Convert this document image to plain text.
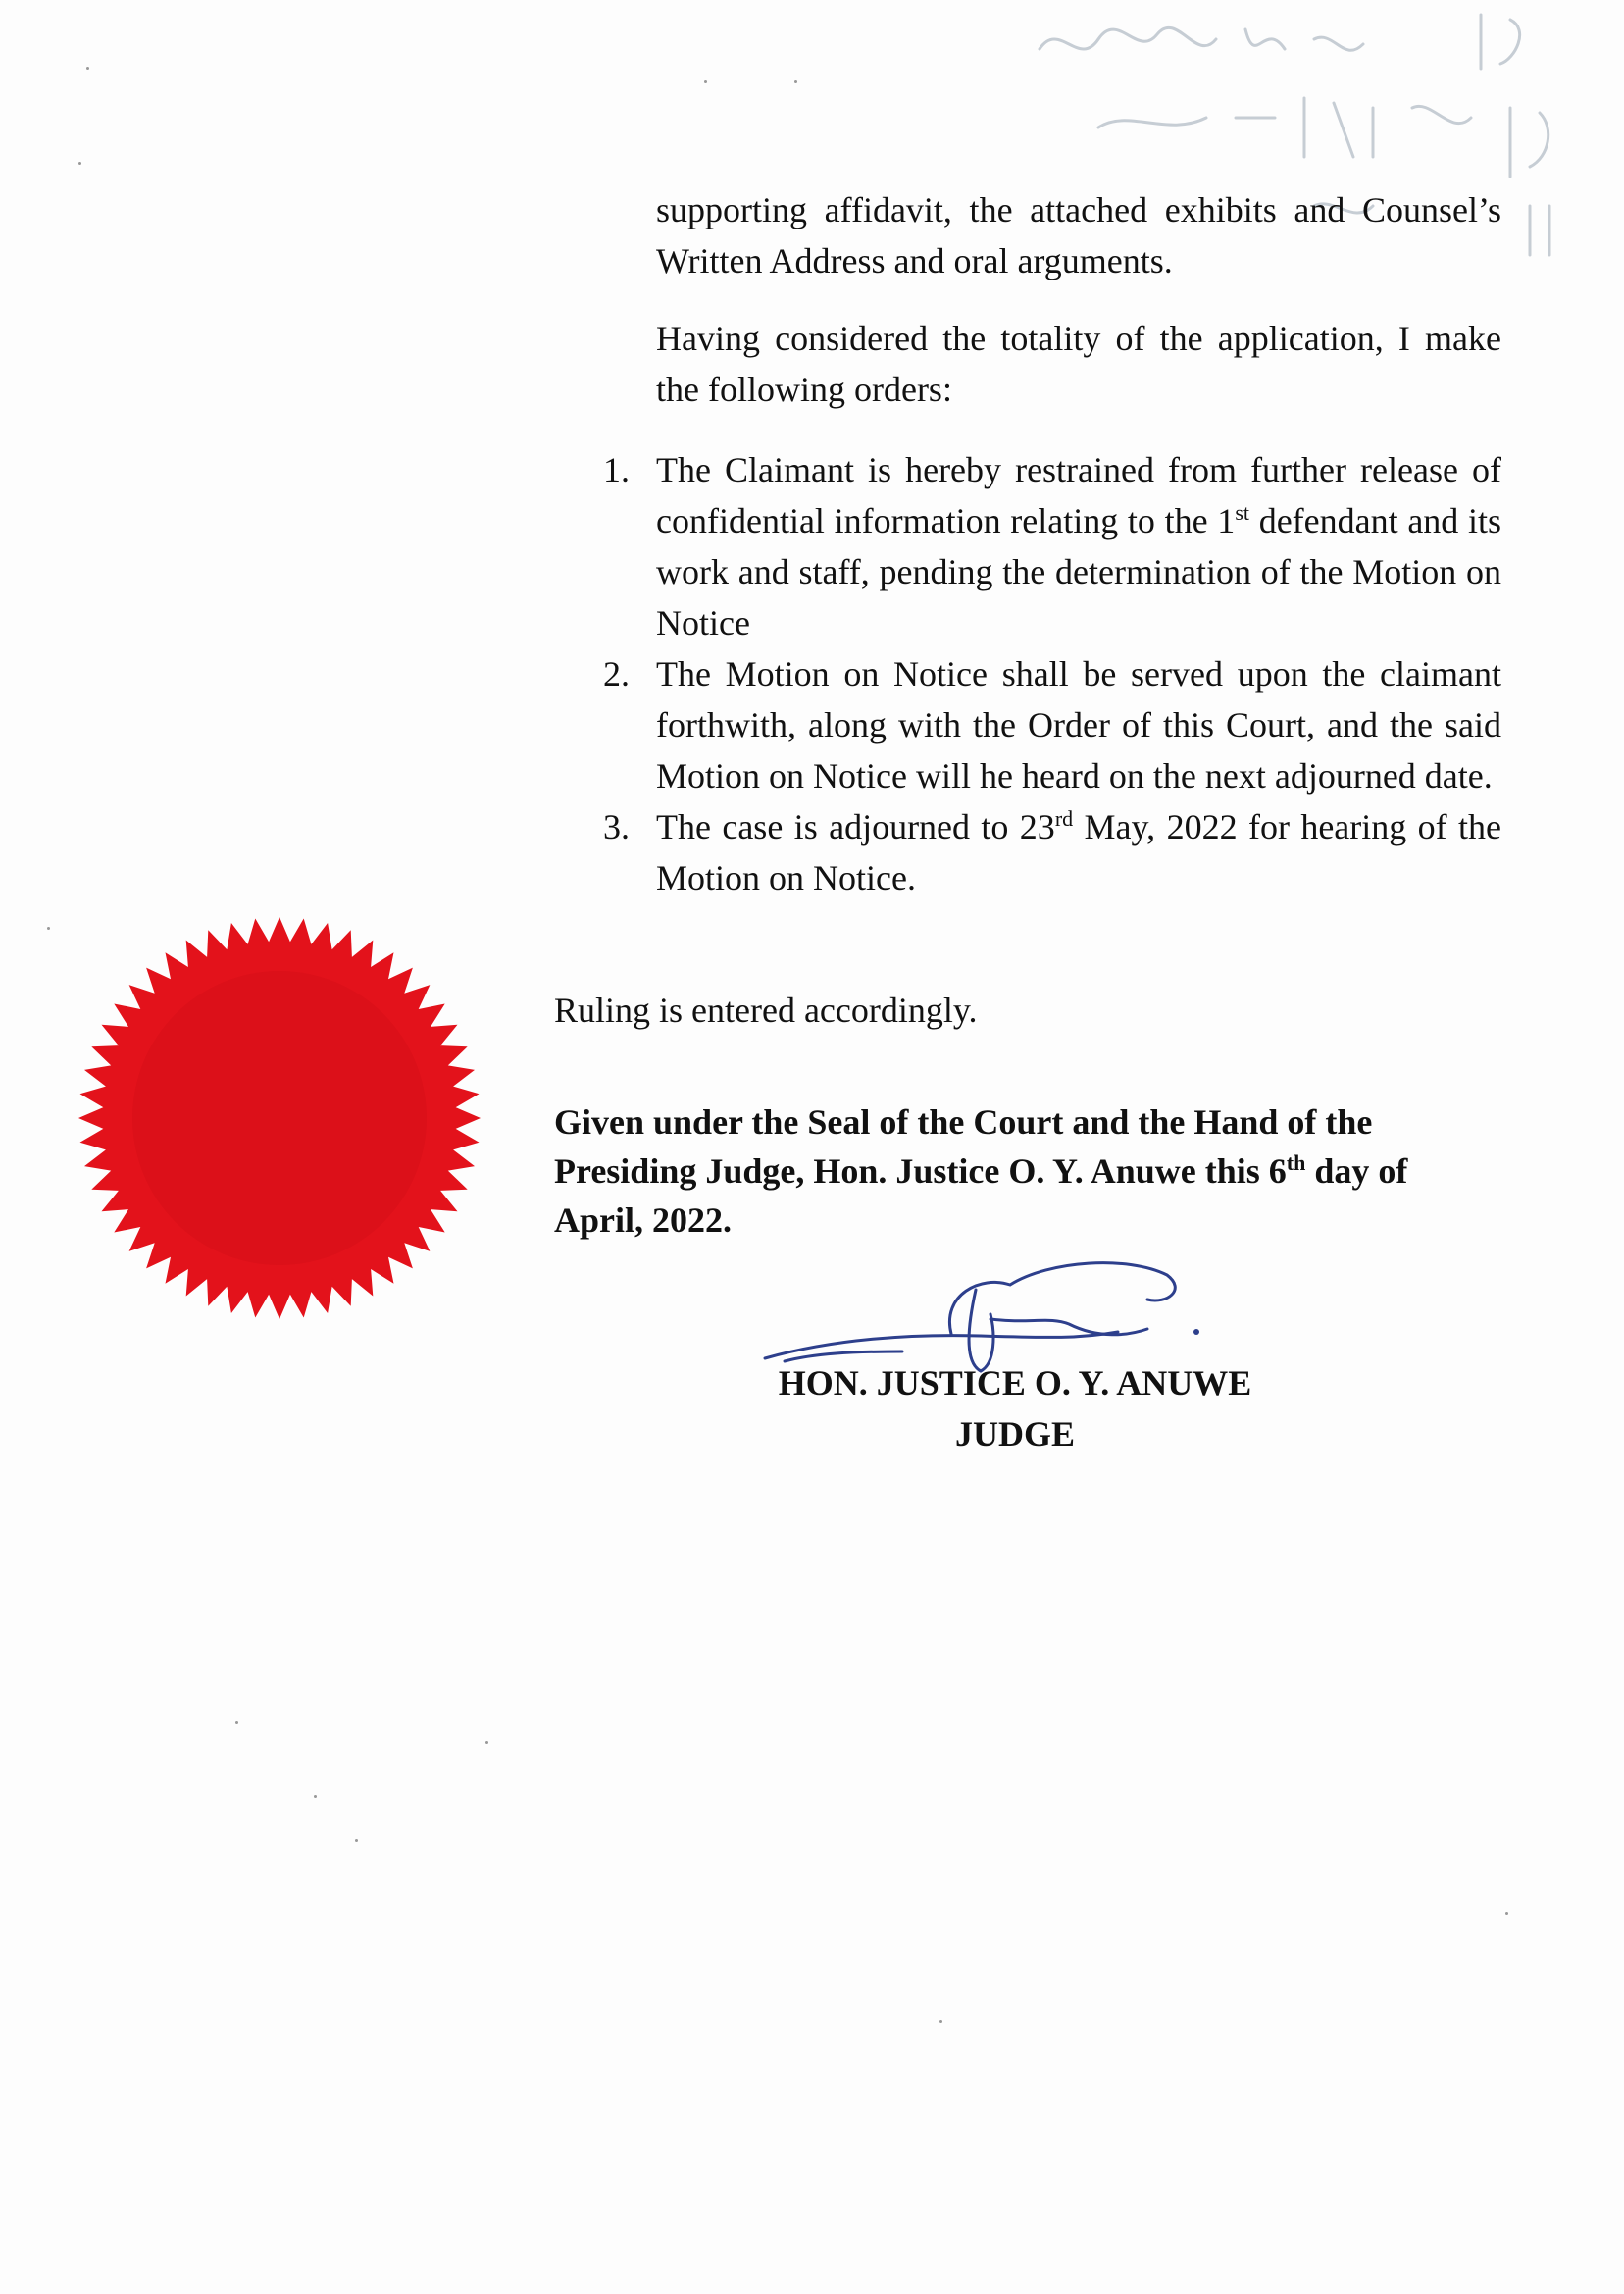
supporting affidavit, the attached exhibits and Counsel’s Written Address and oral arguments.

Having considered the totality of the application, I make the following orders:

1. The Claimant is hereby restrained from further release of confidential information relating to the 1st defendant and its work and staff, pending the determination of the Motion on Notice
2. The Motion on Notice shall be served upon the claimant forthwith, along with the Order of this Court, and the said Motion on Notice will he heard on the next adjourned date.
3. The case is adjourned to 23rd May, 2022 for hearing of the Motion on Notice.

Ruling is entered accordingly.

Given under the Seal of the Court and the Hand of the Presiding Judge, Hon. Justice O. Y. Anuwe this 6th day of April, 2022.

HON. JUSTICE O. Y. ANUWE
JUDGE
